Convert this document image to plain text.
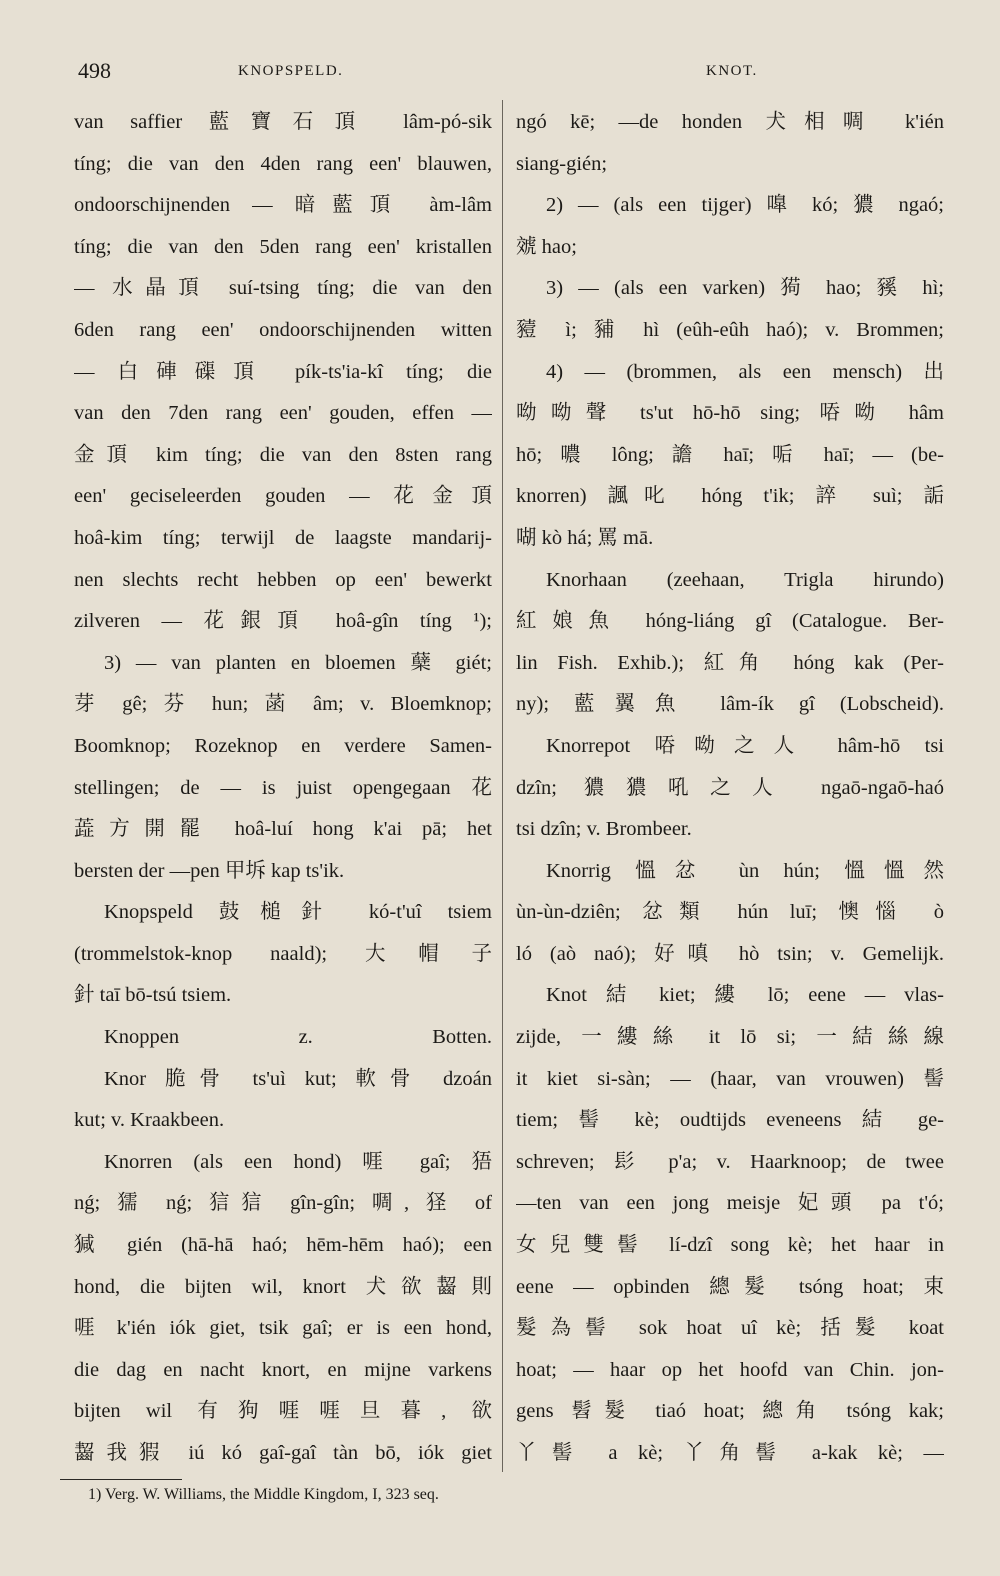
498	KNOPSPELD.	KNOT.
van saffier 藍寶石頂 lâm-pó-sik
tíng; die van den 4den rang een' blauwen,
ondoorschijnenden — 暗藍頂 àm-lâm
tíng; die van den 5den rang een' kristallen
— 水晶頂 suí-tsing tíng; die van den
6den rang een' ondoorschijnenden witten
— 白硨磲頂 pík-ts'ia-kî tíng; die
van den 7den rang een' gouden, effen —
金頂 kim tíng; die van den 8sten rang
een' geciseleerden gouden — 花金頂
hoâ-kim tíng; terwijl de laagste mandarij-
nen slechts recht hebben op een' bewerkt
zilveren — 花銀頂 hoâ-gîn tíng ¹);
3) — van planten en bloemen 蘖 giét;
芽 gê; 芬 hun; 菡 âm; v. Bloemknop;
Boomknop; Rozeknop en verdere Samen-
stellingen; de — is juist opengegaan 花
蕋方開罷 hoâ-luí hong k'ai pā; het
bersten der —pen 甲坼 kap ts'ik.
Knopspeld 鼓槌針 kó-t'uî tsiem
(trommelstok-knop naald); 大帽子
針 taī bō-tsú tsiem.
Knoppen z. Botten.
Knor 脆骨 ts'uì kut; 軟骨 dzoán
kut; v. Kraakbeen.
Knorren (als een hond) 啀 gaî; 㹳
nǵ; 獳 nǵ; 狺狺 gîn-gîn; 啁, 㹩 of
㺂 gién (hā-hā haó; hēm-hēm haó); een
hond, die bijten wil, knort 犬欲齧則
啀 k'ién iók giet, tsik gaî; er is een hond,
die dag en nacht knort, en mijne varkens
bijten wil 有狗啀啀旦暮, 欲
齧我猳 iú kó gaî-gaî tàn bō, iók giet
ngó kē; —de honden 犬相啁 k'ién
siang-gién;
2) — (als een tijger) 嘷 kó; 㺜 ngaó;
虠 hao;
3) — (als een varken) 㺃 hao; 豯 hì;
豷 ì; 豧 hì (eûh-eûh haó); v. Brommen;
4) — (brommen, als een mensch) 出
呦呦聲 ts'ut hō-hō sing; 㖔呦 hâm
hō; 噥 lông; 譫 haī; 㖃 haī; — (be-
knorren) 諷叱 hóng t'ik; 誶 suì; 詬
㗅 kò há; 罵 mā.
Knorhaan (zeehaan, Trigla hirundo)
紅娘魚 hóng-liáng gî (Catalogue. Ber-
lin Fish. Exhib.); 紅角 hóng kak (Per-
ny); 藍翼魚 lâm-ík gî (Lobscheid).
Knorrepot 㖔呦之人 hâm-hō tsi
dzîn; 㺜㺜吼之人 ngaō-ngaō-haó
tsi dzîn; v. Brombeer.
Knorrig 慍忿 ùn hún; 慍慍然
ùn-ùn-dziên; 忿類 hún luī; 懊惱 ò
ló (aò naó); 好嗔 hò tsin; v. Gemelijk.
Knot 結 kiet; 縷 lō; eene — vlas-
zijde, 一縷絲 it lō si; 一結絲線
it kiet si-sàn; — (haar, van vrouwen) 髻
tiem; 髻 kè; oudtijds eveneens 結 ge-
schreven; 髟 p'a; v. Haarknoop; de twee
—ten van een jong meisje 妃頭 pa t'ó;
女兒雙髻 lí-dzî song kè; het haar in
eene — opbinden 總髮 tsóng hoat; 束
髮為髻 sok hoat uî kè; 括髮 koat
hoat; — haar op het hoofd van Chin. jon-
gens 髫髮 tiaó hoat; 總角 tsóng kak;
丫髻 a kè; 丫角髻 a-kak kè; —
1) Verg. W. Williams, the Middle Kingdom, I, 323 seq.
